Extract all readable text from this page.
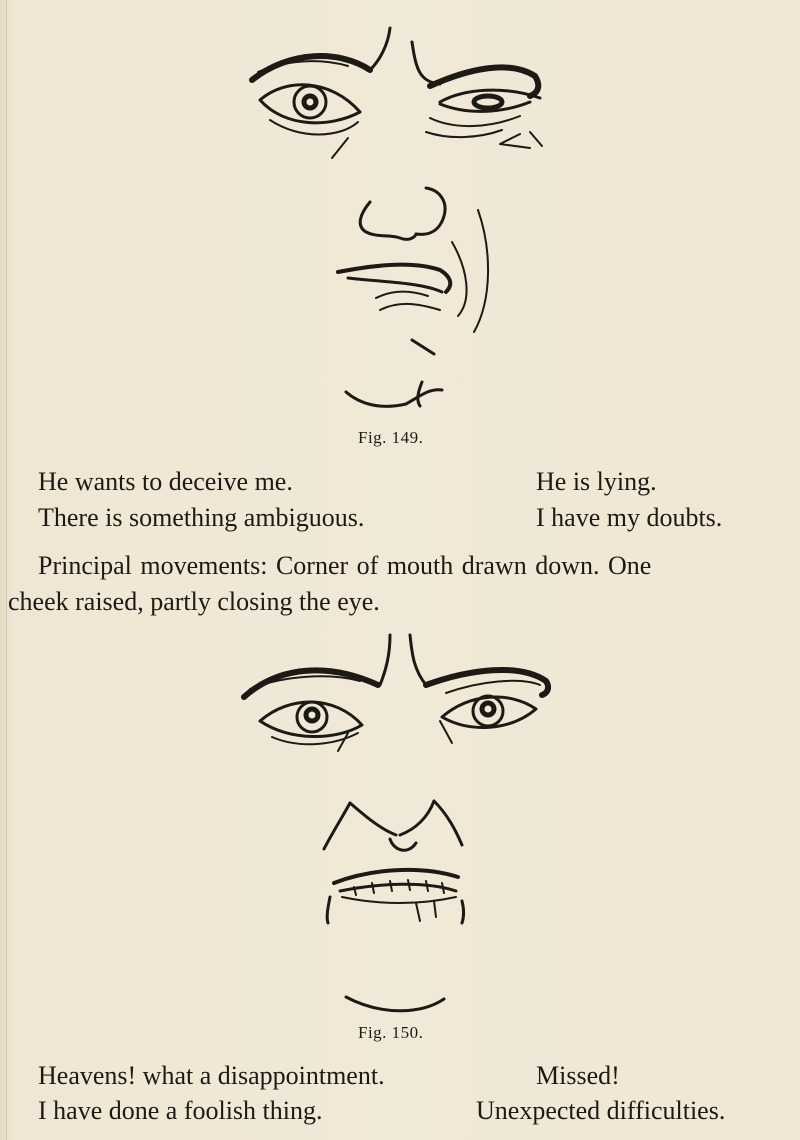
Fig. 149.
He wants to deceive me.	He is lying.
There is something ambiguous.	I have my doubts.
Principal movements: Corner of mouth drawn down. One
cheek raised, partly closing the eye.
Fig. 150.
Heavens! what a disappointment.	Missed!
I have done a foolish thing.	Unexpected difficulties.
